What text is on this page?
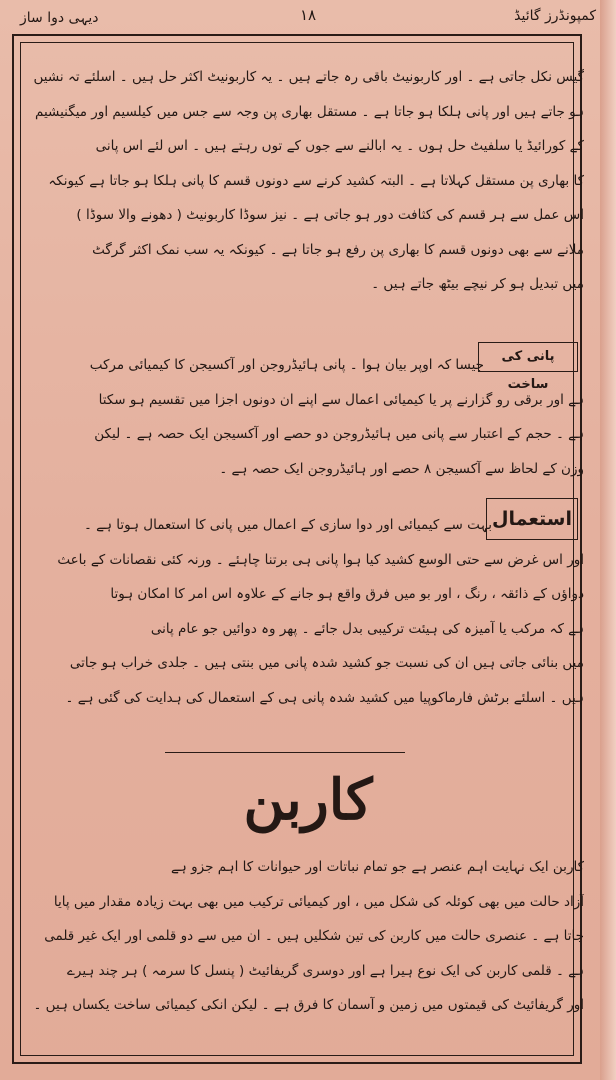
کمپونڈرز گائیڈ
۱۸
دیہی دوا ساز
گیس نکل جاتی ہے ۔ اور کاربونیٹ باقی رہ جاتے ہیں ۔ یہ کاربونیٹ اکثر حل ہیں ۔ اسلئے تہ نشیں
ہو جاتے ہیں اور پانی ہلکا ہو جاتا ہے ۔ مستقل بھاری پن وجہ سے جس میں کیلسیم اور میگنیشیم
کے کورائیڈ یا سلفیٹ حل ہوں ۔ یہ ابالنے سے جوں کے توں رہتے ہیں ۔ اس لئے اس پانی
کا بھاری پن مستقل کہلاتا ہے ۔ البتہ کشید کرنے سے دونوں قسم کا پانی ہلکا ہو جاتا ہے کیونکہ
اس عمل سے ہر قسم کی کثافت دور ہو جاتی ہے ۔ نیز سوڈا کاربونیٹ ( دھونے والا سوڈا )
ملانے سے بھی دونوں قسم کا بھاری پن رفع ہو جاتا ہے ۔ کیونکہ یہ سب نمک اکثر گرگٹ
میں تبدیل ہو کر نیچے بیٹھ جاتے ہیں ۔
پانی کی ساخت
جیسا کہ اوپر بیان ہوا ۔ پانی ہائیڈروجن اور آکسیجن کا کیمیائی مرکب
ہے اور برقی رو گزارنے پر یا کیمیائی اعمال سے اپنے ان دونوں اجزا میں تقسیم ہو سکتا
ہے ۔ حجم کے اعتبار سے پانی میں ہائیڈروجن دو حصے اور آکسیجن ایک حصہ ہے ۔ لیکن
وزن کے لحاظ سے آکسیجن ۸ حصے اور ہائیڈروجن ایک حصہ ہے ۔
استعمال
بہت سے کیمیائی اور دوا سازی کے اعمال میں پانی کا استعمال ہوتا ہے ۔
اور اس غرض سے حتی الوسع کشید کیا ہوا پانی ہی برتنا چاہئے ۔ ورنہ کئی نقصانات کے باعث
دواؤں کے ذائقہ ، رنگ ، اور بو میں فرق واقع ہو جانے کے علاوہ اس امر کا امکان ہوتا
ہے کہ مرکب یا آمیزہ کی ہیئت ترکیبی بدل جائے ۔ پھر وہ دوائیں جو عام پانی
میں بنائی جاتی ہیں ان کی نسبت جو کشید شدہ پانی میں بنتی ہیں ۔ جلدی خراب ہو جاتی
ہیں ۔ اسلئے برٹش فارماکوپیا میں کشید شدہ پانی ہی کے استعمال کی ہدایت کی گئی ہے ۔
کاربن
کاربن ایک نہایت اہم عنصر ہے جو تمام نباتات اور حیوانات کا اہم جزو ہے
آزاد حالت میں بھی کوئلہ کی شکل میں ، اور کیمیائی ترکیب میں بھی بہت زیادہ مقدار میں پایا
جاتا ہے ۔ عنصری حالت میں کاربن کی تین شکلیں ہیں ۔ ان میں سے دو قلمی اور ایک غیر قلمی
ہے ۔ قلمی کاربن کی ایک نوع ہیرا ہے اور دوسری گریفائیٹ ( پنسل کا سرمہ ) ہر چند ہیرے
اور گریفائیٹ کی قیمتوں میں زمین و آسمان کا فرق ہے ۔ لیکن انکی کیمیائی ساخت یکساں ہیں ۔
